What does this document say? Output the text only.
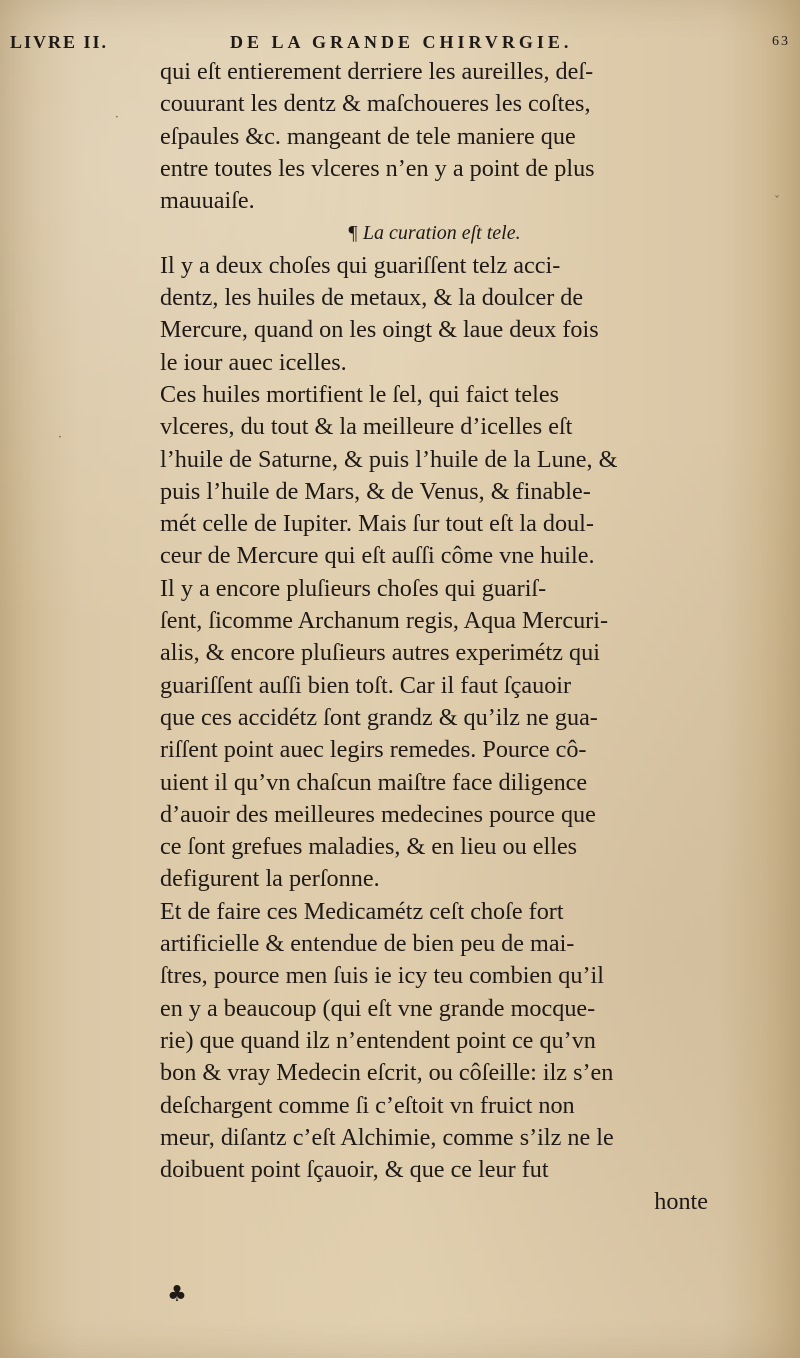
LIVRE II.	DE LA GRANDE CHIRVRGIE.	63
qui eſt entierement derriere les aureilles, deſ-
couurant les dentz & maſchoueres les coſtes,
eſpaules &c. mangeant de tele maniere que
entre toutes les vlceres n’en y a point de plus
mauuaiſe.
¶ La curation eſt tele.
Il y a deux choſes qui guariſſent telz acci-
dentz, les huiles de metaux, & la doulcer de
Mercure, quand on les oingt & laue deux fois
le iour auec icelles.
Ces huiles mortifient le ſel, qui faict teles
vlceres, du tout & la meilleure d’icelles eſt
l’huile de Saturne, & puis l’huile de la Lune, &
puis l’huile de Mars, & de Venus, & finable-
mét celle de Iupiter. Mais ſur tout eſt la doul-
ceur de Mercure qui eſt auſſi côme vne huile.
Il y a encore pluſieurs choſes qui guariſ-
ſent, ſicomme Archanum regis, Aqua Mercuri-
alis, & encore pluſieurs autres experimétz qui
guariſſent auſſi bien toſt. Car il faut ſçauoir
que ces accidétz ſont grandz & qu’ilz ne gua-
riſſent point auec legirs remedes. Pource cô-
uient il qu’vn chaſcun maiſtre face diligence
d’auoir des meilleures medecines pource que
ce ſont grefues maladies, & en lieu ou elles
defigurent la perſonne.
Et de faire ces Medicamétz ceſt choſe fort
artificielle & entendue de bien peu de mai-
ſtres, pource men ſuis ie icy teu combien qu’il
en y a beaucoup (qui eſt vne grande mocque-
rie) que quand ilz n’entendent point ce qu’vn
bon & vray Medecin eſcrit, ou côſeille: ilz s’en
deſchargent comme ſi c’eſtoit vn fruict non
meur, diſantz c’eſt Alchimie, comme s’ilz ne le
doibuent point ſçauoir, & que ce leur fut
honte
♣
·
·
ˇ
